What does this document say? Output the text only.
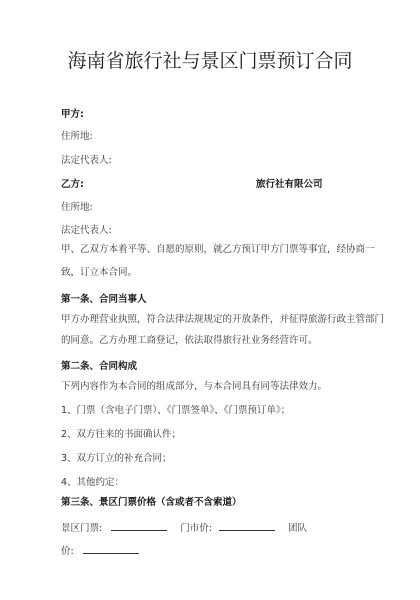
海南省旅行社与景区门票预订合同
甲方:
住所地:
法定代表人:
乙方:	旅行社有限公司
住所地:
法定代表人:
甲、乙双方本着平等、自愿的原则，就乙方预订甲方门票等事宜，经协商一
致，订立本合同。
第一条、合同当事人
甲方办理营业执照，符合法律法规规定的开放条件，并征得旅游行政主管部门
的同意。乙方办理工商登记，依法取得旅行社业务经营许可。
第二条、合同构成
下列内容作为本合同的组成部分，与本合同具有同等法律效力。
1、门票（含电子门票）、《门票签单》、《门票预订单》；
2、双方往来的书面确认件；
3、双方订立的补充合同；
4、其他约定：
第三条、景区门票价格（含或者不含索道）
景区门票:	门市价:	团队
价:
